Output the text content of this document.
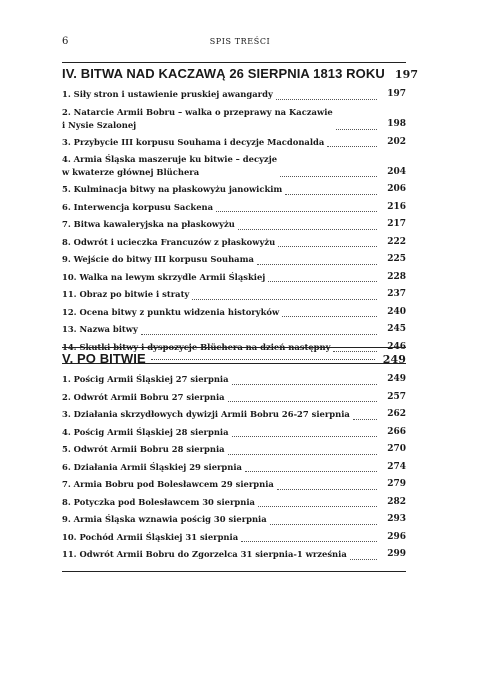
6	SPIS TREŚCI
IV. BITWA NAD KACZAWĄ 26 SIERPNIA 1813 ROKU 197
1. Siły stron i ustawienie pruskiej awangardy	197
2. Natarcie Armii Bobru – walka o przeprawy na Kaczawie
i Nysie Szalonej	198
3. Przybycie III korpusu Souhama i decyzje Macdonalda	202
4. Armia Śląska maszeruje ku bitwie – decyzje
w kwaterze głównej Blüchera	204
5. Kulminacja bitwy na płaskowyżu janowickim	206
6. Interwencja korpusu Sackena	216
7. Bitwa kawaleryjska na płaskowyżu	217
8. Odwrót i ucieczka Francuzów z płaskowyżu	222
9. Wejście do bitwy III korpusu Souhama	225
10. Walka na lewym skrzydle Armii Śląskiej	228
11. Obraz po bitwie i straty	237
12. Ocena bitwy z punktu widzenia historyków	240
13. Nazwa bitwy	245
14. Skutki bitwy i dyspozycje Blüchera na dzień następny	246
V. PO BITWIE	249
1. Pościg Armii Śląskiej 27 sierpnia	249
2. Odwrót Armii Bobru 27 sierpnia	257
3. Działania skrzydłowych dywizji Armii Bobru 26-27 sierpnia	262
4. Pościg Armii Śląskiej 28 sierpnia	266
5. Odwrót Armii Bobru 28 sierpnia	270
6. Działania Armii Śląskiej 29 sierpnia	274
7. Armia Bobru pod Bolesławcem 29 sierpnia	279
8. Potyczka pod Bolesławcem 30 sierpnia	282
9. Armia Śląska wznawia pościg 30 sierpnia	293
10. Pochód Armii Śląskiej 31 sierpnia	296
11. Odwrót Armii Bobru do Zgorzelca 31 sierpnia-1 września	299
